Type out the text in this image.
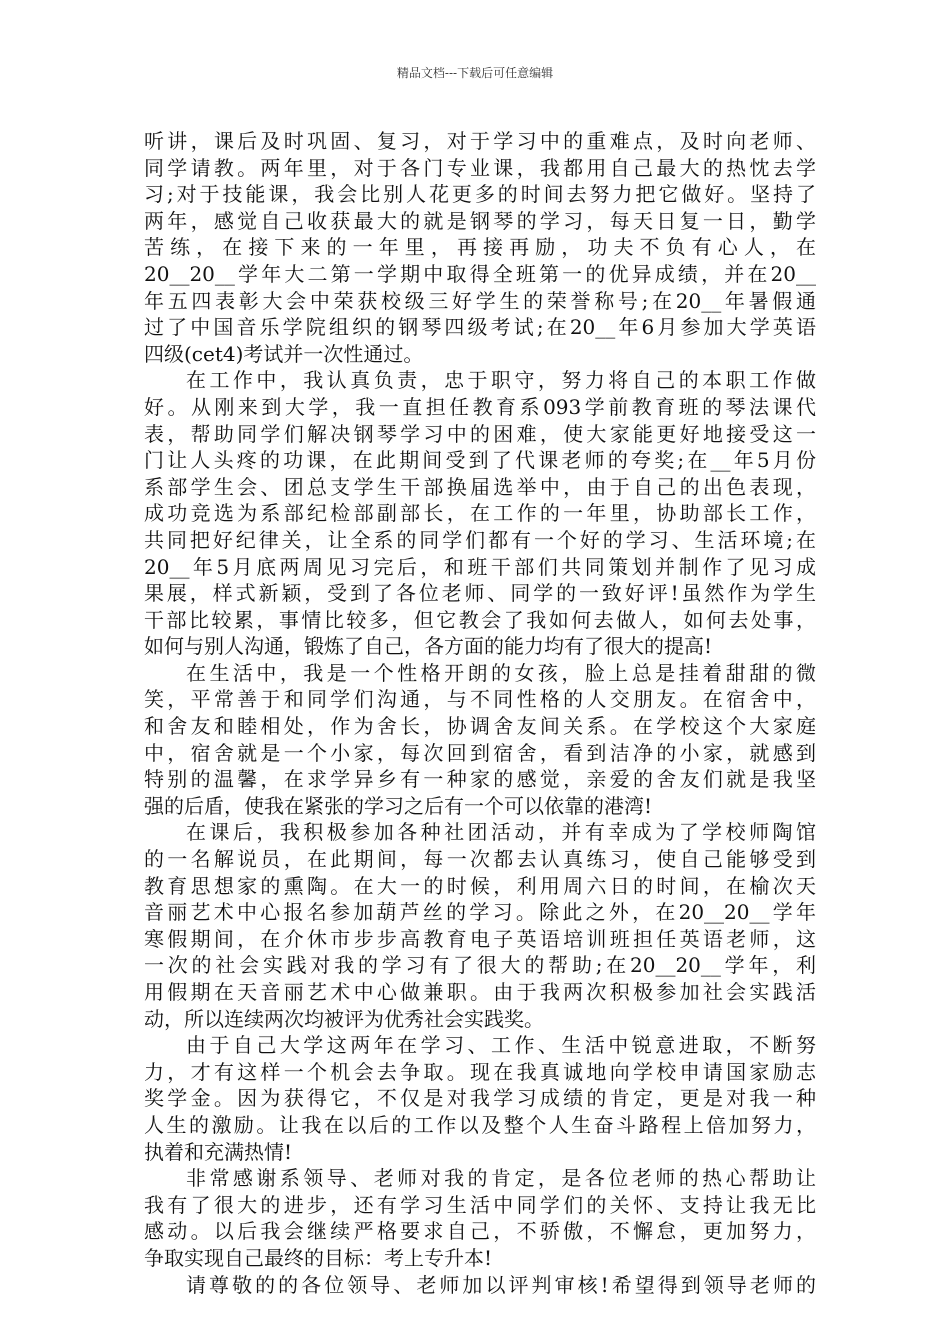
精品文档---下载后可任意编辑
听讲，课后及时巩固、复习，对于学习中的重难点，及时向老师、
同学请教。两年里，对于各门专业课，我都用自己最大的热忱去学
习;对于技能课，我会比别人花更多的时间去努力把它做好。坚持了
两年，感觉自己收获最大的就是钢琴的学习，每天日复一日，勤学
苦练，在接下来的一年里，再接再励，功夫不负有心人，在
20__20__学年大二第一学期中取得全班第一的优异成绩，并在20__
年五四表彰大会中荣获校级三好学生的荣誉称号;在20__年暑假通
过了中国音乐学院组织的钢琴四级考试;在20__年6月参加大学英语
四级(cet4)考试并一次性通过。
在工作中，我认真负责，忠于职守，努力将自己的本职工作做
好。从刚来到大学，我一直担任教育系093学前教育班的琴法课代
表，帮助同学们解决钢琴学习中的困难，使大家能更好地接受这一
门让人头疼的功课，在此期间受到了代课老师的夸奖;在__年5月份
系部学生会、团总支学生干部换届选举中，由于自己的出色表现，
成功竞选为系部纪检部副部长，在工作的一年里，协助部长工作，
共同把好纪律关，让全系的同学们都有一个好的学习、生活环境;在
20__年5月底两周见习完后，和班干部们共同策划并制作了见习成
果展，样式新颖，受到了各位老师、同学的一致好评!虽然作为学生
干部比较累，事情比较多，但它教会了我如何去做人，如何去处事，
如何与别人沟通，锻炼了自己，各方面的能力均有了很大的提高!
在生活中，我是一个性格开朗的女孩，脸上总是挂着甜甜的微
笑，平常善于和同学们沟通，与不同性格的人交朋友。在宿舍中，
和舍友和睦相处，作为舍长，协调舍友间关系。在学校这个大家庭
中，宿舍就是一个小家，每次回到宿舍，看到洁净的小家，就感到
特别的温馨，在求学异乡有一种家的感觉，亲爱的舍友们就是我坚
强的后盾，使我在紧张的学习之后有一个可以依靠的港湾!
在课后，我积极参加各种社团活动，并有幸成为了学校师陶馆
的一名解说员，在此期间，每一次都去认真练习，使自己能够受到
教育思想家的熏陶。在大一的时候，利用周六日的时间，在榆次天
音丽艺术中心报名参加葫芦丝的学习。除此之外，在20__20__学年
寒假期间，在介休市步步高教育电子英语培训班担任英语老师，这
一次的社会实践对我的学习有了很大的帮助;在20__20__学年，利
用假期在天音丽艺术中心做兼职。由于我两次积极参加社会实践活
动，所以连续两次均被评为优秀社会实践奖。
由于自己大学这两年在学习、工作、生活中锐意进取，不断努
力，才有这样一个机会去争取。现在我真诚地向学校申请国家励志
奖学金。因为获得它，不仅是对我学习成绩的肯定，更是对我一种
人生的激励。让我在以后的工作以及整个人生奋斗路程上倍加努力，
执着和充满热情!
非常感谢系领导、老师对我的肯定，是各位老师的热心帮助让
我有了很大的进步，还有学习生活中同学们的关怀、支持让我无比
感动。以后我会继续严格要求自己，不骄傲，不懈怠，更加努力，
争取实现自己最终的目标：考上专升本!
请尊敬的的各位领导、老师加以评判审核!希望得到领导老师的
